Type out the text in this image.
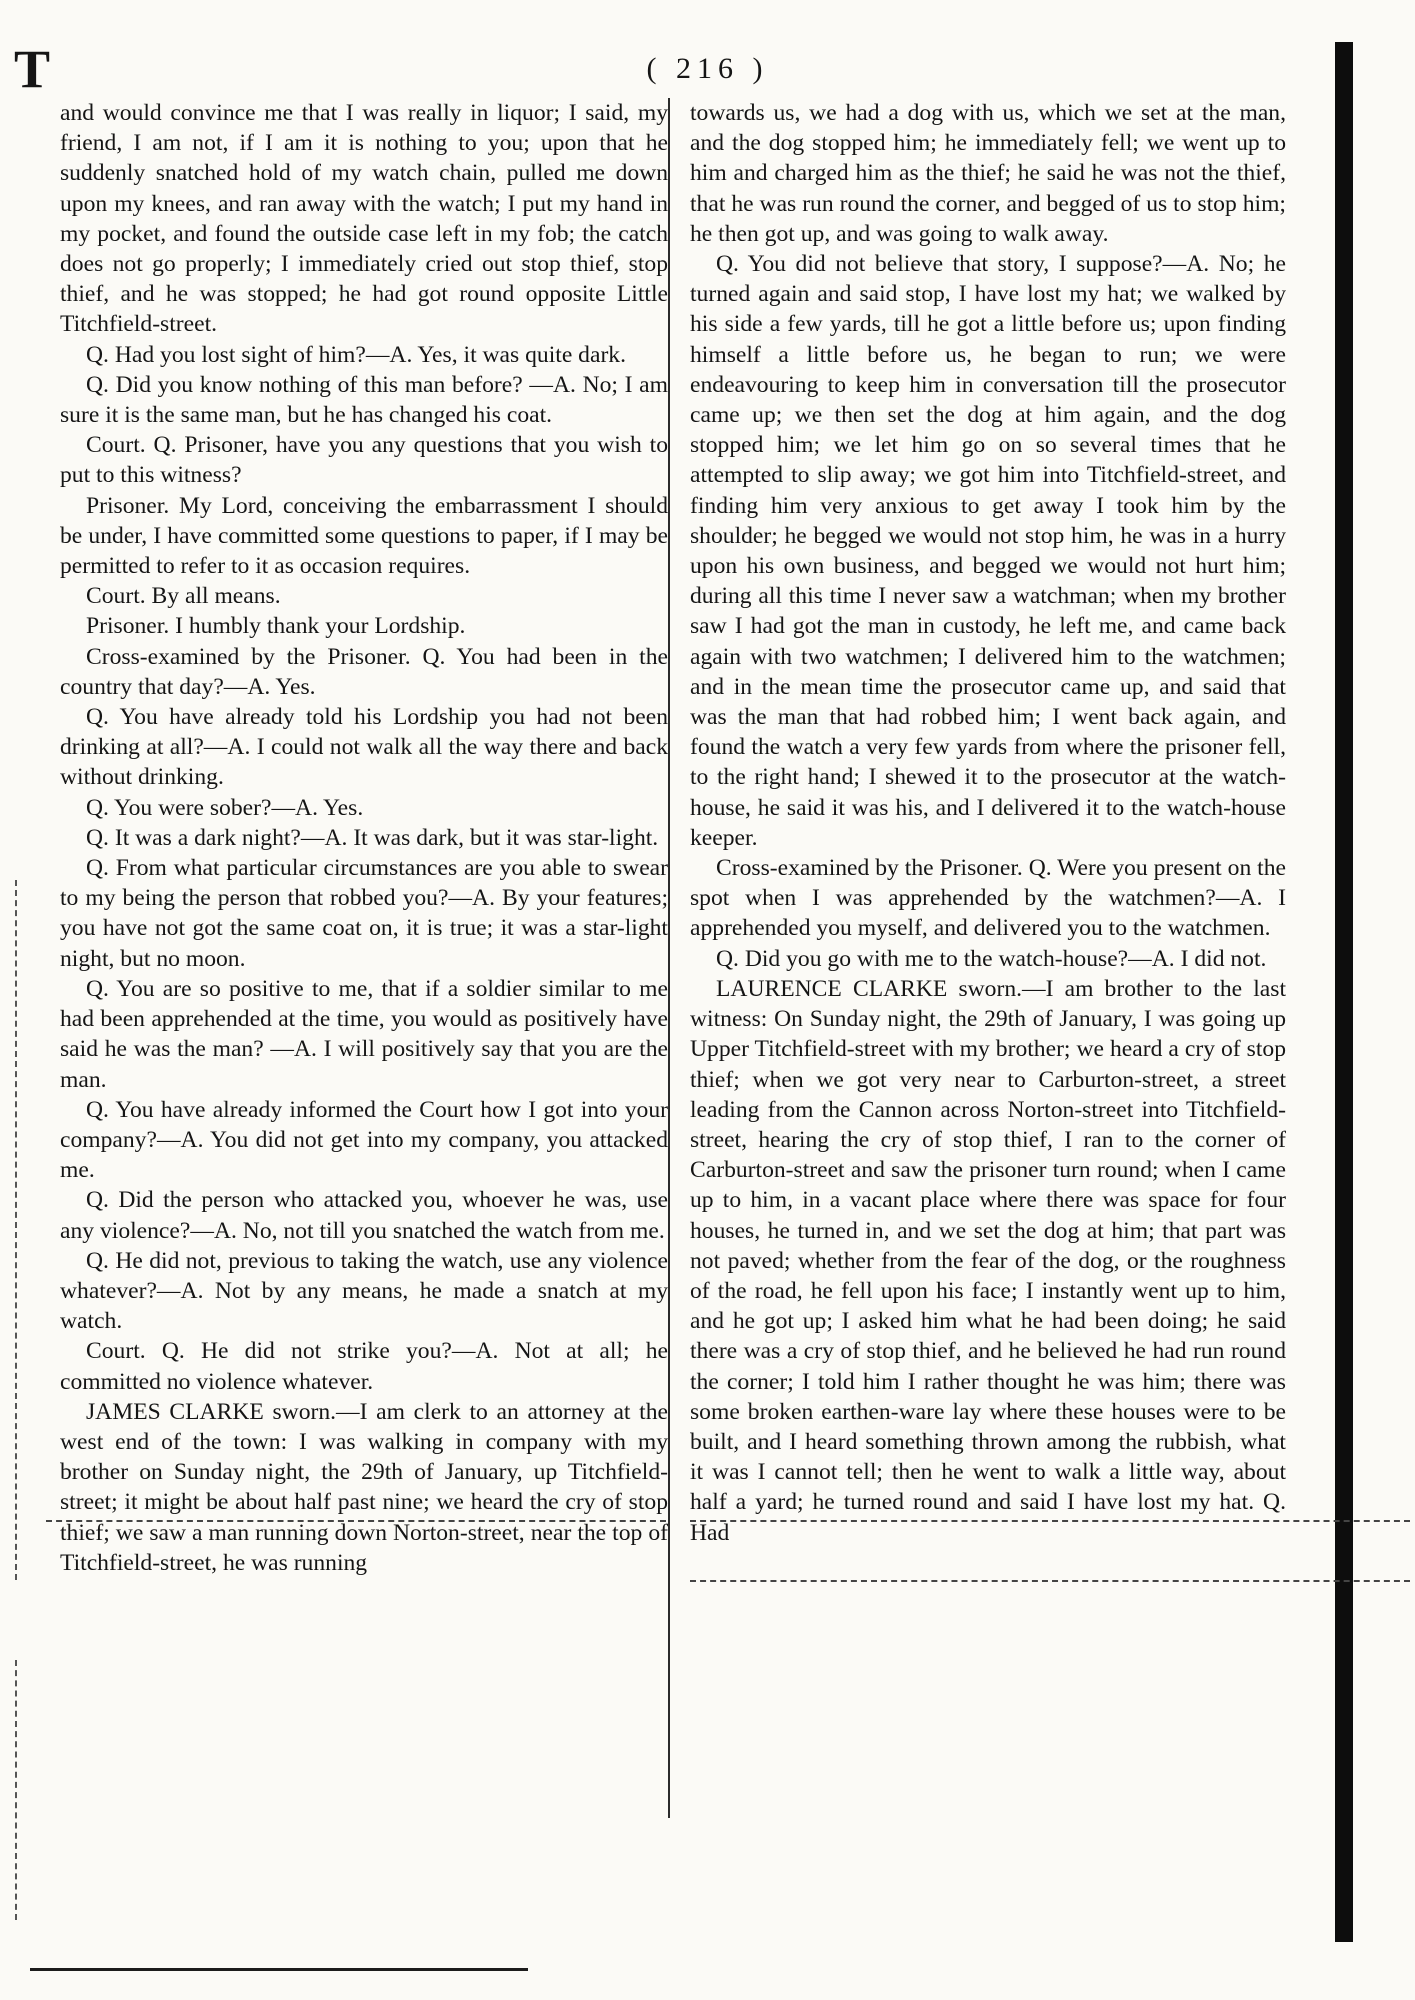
T	( 216 )

and would convince me that I was really in liquor; I said, my friend, I am not, if I am it is nothing to you; upon that he suddenly snatched hold of my watch chain, pulled me down upon my knees, and ran away with the watch; I put my hand in my pocket, and found the outside case left in my fob; the catch does not go properly; I immediately cried out stop thief, stop thief, and he was stopped; he had got round opposite Little Titchfield-street.

Q. Had you lost sight of him?—A. Yes, it was quite dark.

Q. Did you know nothing of this man before? —A. No; I am sure it is the same man, but he has changed his coat.

Court. Q. Prisoner, have you any questions that you wish to put to this witness?

Prisoner. My Lord, conceiving the embarrassment I should be under, I have committed some questions to paper, if I may be permitted to refer to it as occasion requires.

Court. By all means.

Prisoner. I humbly thank your Lordship.

Cross-examined by the Prisoner. Q. You had been in the country that day?—A. Yes.

Q. You have already told his Lordship you had not been drinking at all?—A. I could not walk all the way there and back without drinking.

Q. You were sober?—A. Yes.

Q. It was a dark night?—A. It was dark, but it was star-light.

Q. From what particular circumstances are you able to swear to my being the person that robbed you?—A. By your features; you have not got the same coat on, it is true; it was a star-light night, but no moon.

Q. You are so positive to me, that if a soldier similar to me had been apprehended at the time, you would as positively have said he was the man? —A. I will positively say that you are the man.

Q. You have already informed the Court how I got into your company?—A. You did not get into my company, you attacked me.

Q. Did the person who attacked you, whoever he was, use any violence?—A. No, not till you snatched the watch from me.

Q. He did not, previous to taking the watch, use any violence whatever?—A. Not by any means, he made a snatch at my watch.

Court. Q. He did not strike you?—A. Not at all; he committed no violence whatever.

JAMES CLARKE sworn.—I am clerk to an attorney at the west end of the town: I was walking in company with my brother on Sunday night, the 29th of January, up Titchfield-street; it might be about half past nine; we heard the cry of stop thief; we saw a man running down Norton-street, near the top of Titchfield-street, he was running

towards us, we had a dog with us, which we set at the man, and the dog stopped him; he immediately fell; we went up to him and charged him as the thief; he said he was not the thief, that he was run round the corner, and begged of us to stop him; he then got up, and was going to walk away.

Q. You did not believe that story, I suppose?—A. No; he turned again and said stop, I have lost my hat; we walked by his side a few yards, till he got a little before us; upon finding himself a little before us, he began to run; we were endeavouring to keep him in conversation till the prosecutor came up; we then set the dog at him again, and the dog stopped him; we let him go on so several times that he attempted to slip away; we got him into Titchfield-street, and finding him very anxious to get away I took him by the shoulder; he begged we would not stop him, he was in a hurry upon his own business, and begged we would not hurt him; during all this time I never saw a watchman; when my brother saw I had got the man in custody, he left me, and came back again with two watchmen; I delivered him to the watchmen; and in the mean time the prosecutor came up, and said that was the man that had robbed him; I went back again, and found the watch a very few yards from where the prisoner fell, to the right hand; I shewed it to the prosecutor at the watch-house, he said it was his, and I delivered it to the watch-house keeper.

Cross-examined by the Prisoner. Q. Were you present on the spot when I was apprehended by the watchmen?—A. I apprehended you myself, and delivered you to the watchmen.

Q. Did you go with me to the watch-house?—A. I did not.

LAURENCE CLARKE sworn.—I am brother to the last witness: On Sunday night, the 29th of January, I was going up Upper Titchfield-street with my brother; we heard a cry of stop thief; when we got very near to Carburton-street, a street leading from the Cannon across Norton-street into Titchfield-street, hearing the cry of stop thief, I ran to the corner of Carburton-street and saw the prisoner turn round; when I came up to him, in a vacant place where there was space for four houses, he turned in, and we set the dog at him; that part was not paved; whether from the fear of the dog, or the roughness of the road, he fell upon his face; I instantly went up to him, and he got up; I asked him what he had been doing; he said there was a cry of stop thief, and he believed he had run round the corner; I told him I rather thought he was him; there was some broken earthen-ware lay where these houses were to be built, and I heard something thrown among the rubbish, what it was I cannot tell; then he went to walk a little way, about half a yard; he turned round and said I have lost my hat. Q. Had
